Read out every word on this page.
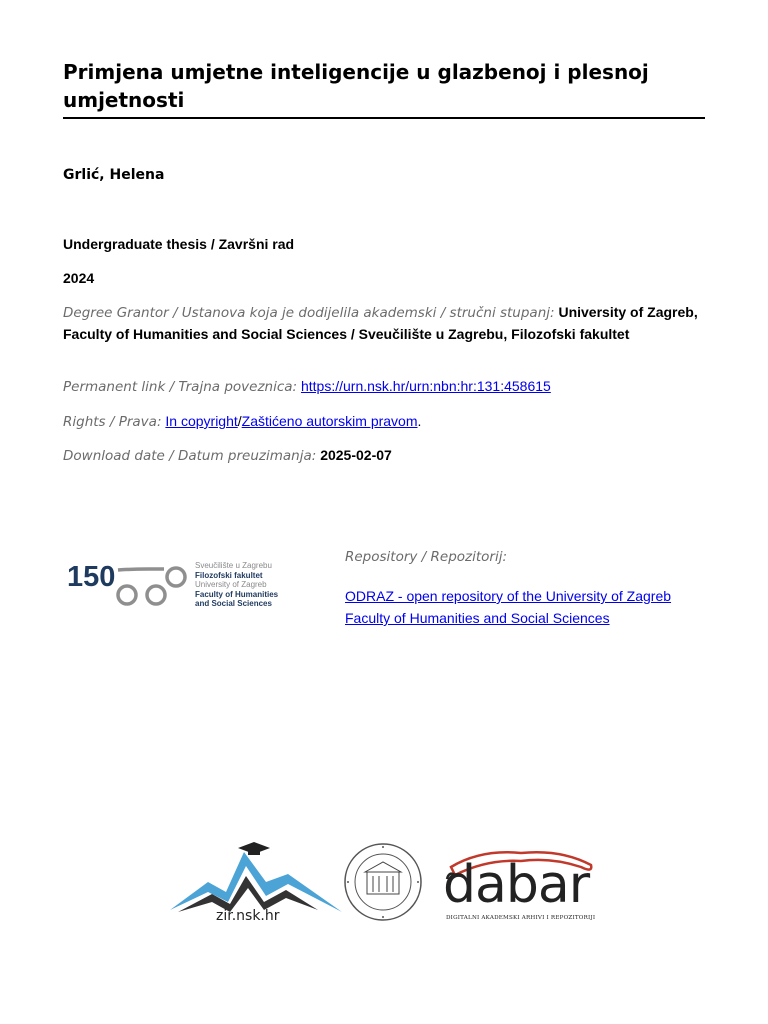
Primjena umjetne inteligencije u glazbenoj i plesnoj umjetnosti
Grlić, Helena
Undergraduate thesis / Završni rad
2024
Degree Grantor / Ustanova koja je dodijelila akademski / stručni stupanj: University of Zagreb, Faculty of Humanities and Social Sciences / Sveučilište u Zagrebu, Filozofski fakultet
Permanent link / Trajna poveznica: https://urn.nsk.hr/urn:nbn:hr:131:458615
Rights / Prava: In copyright/Zaštićeno autorskim pravom.
Download date / Datum preuzimanja: 2025-02-07
150	Sveučilište u Zagrebu
Filozofski fakultet
University of Zagreb
Faculty of Humanities
and Social Sciences
Repository / Repozitorij:
ODRAZ - open repository of the University of Zagreb Faculty of Humanities and Social Sciences
zir.nsk.hr
dabar
DIGITALNI AKADEMSKI ARHIVI I REPOZITORIJI
